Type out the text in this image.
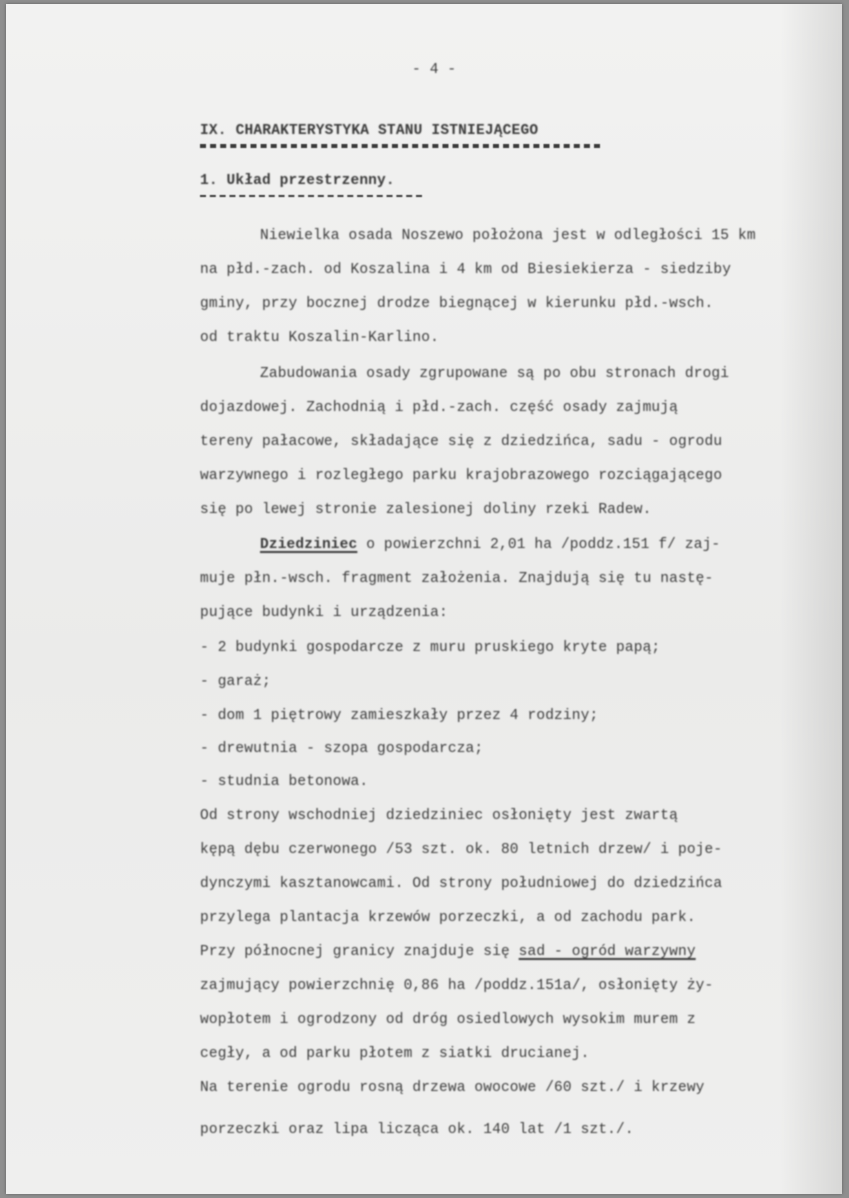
- 4 -
IX. CHARAKTERYSTYKA STANU ISTNIEJĄCEGO
1. Układ przestrzenny.
Niewielka osada Noszewo położona jest w odległości 15 km
na płd.-zach. od Koszalina i 4 km od Biesiekierza - siedziby
gminy, przy bocznej drodze biegnącej w kierunku płd.-wsch.
od traktu Koszalin-Karlino.
Zabudowania osady zgrupowane są po obu stronach drogi
dojazdowej. Zachodnią i płd.-zach. część osady zajmują
tereny pałacowe, składające się z dziedzińca, sadu - ogrodu
warzywnego i rozległego parku krajobrazowego rozciągającego
się po lewej stronie zalesionej doliny rzeki Radew.
Dziedziniec o powierzchni 2,01 ha /poddz.151 f/ zaj-
muje płn.-wsch. fragment założenia. Znajdują się tu nastę-
pujące budynki i urządzenia:
- 2 budynki gospodarcze z muru pruskiego kryte papą;
- garaż;
- dom 1 piętrowy zamieszkały przez 4 rodziny;
- drewutnia - szopa gospodarcza;
- studnia betonowa.
Od strony wschodniej dziedziniec osłonięty jest zwartą
kępą dębu czerwonego /53 szt. ok. 80 letnich drzew/ i poje-
dynczymi kasztanowcami. Od strony południowej do dziedzińca
przylega plantacja krzewów porzeczki, a od zachodu park.
Przy północnej granicy znajduje się sad - ogród warzywny
zajmujący powierzchnię 0,86 ha /poddz.151a/, osłonięty ży-
wopłotem i ogrodzony od dróg osiedlowych wysokim murem z
cegły, a od parku płotem z siatki drucianej.
Na terenie ogrodu rosną drzewa owocowe /60 szt./ i krzewy
porzeczki oraz lipa licząca ok. 140 lat /1 szt./.
